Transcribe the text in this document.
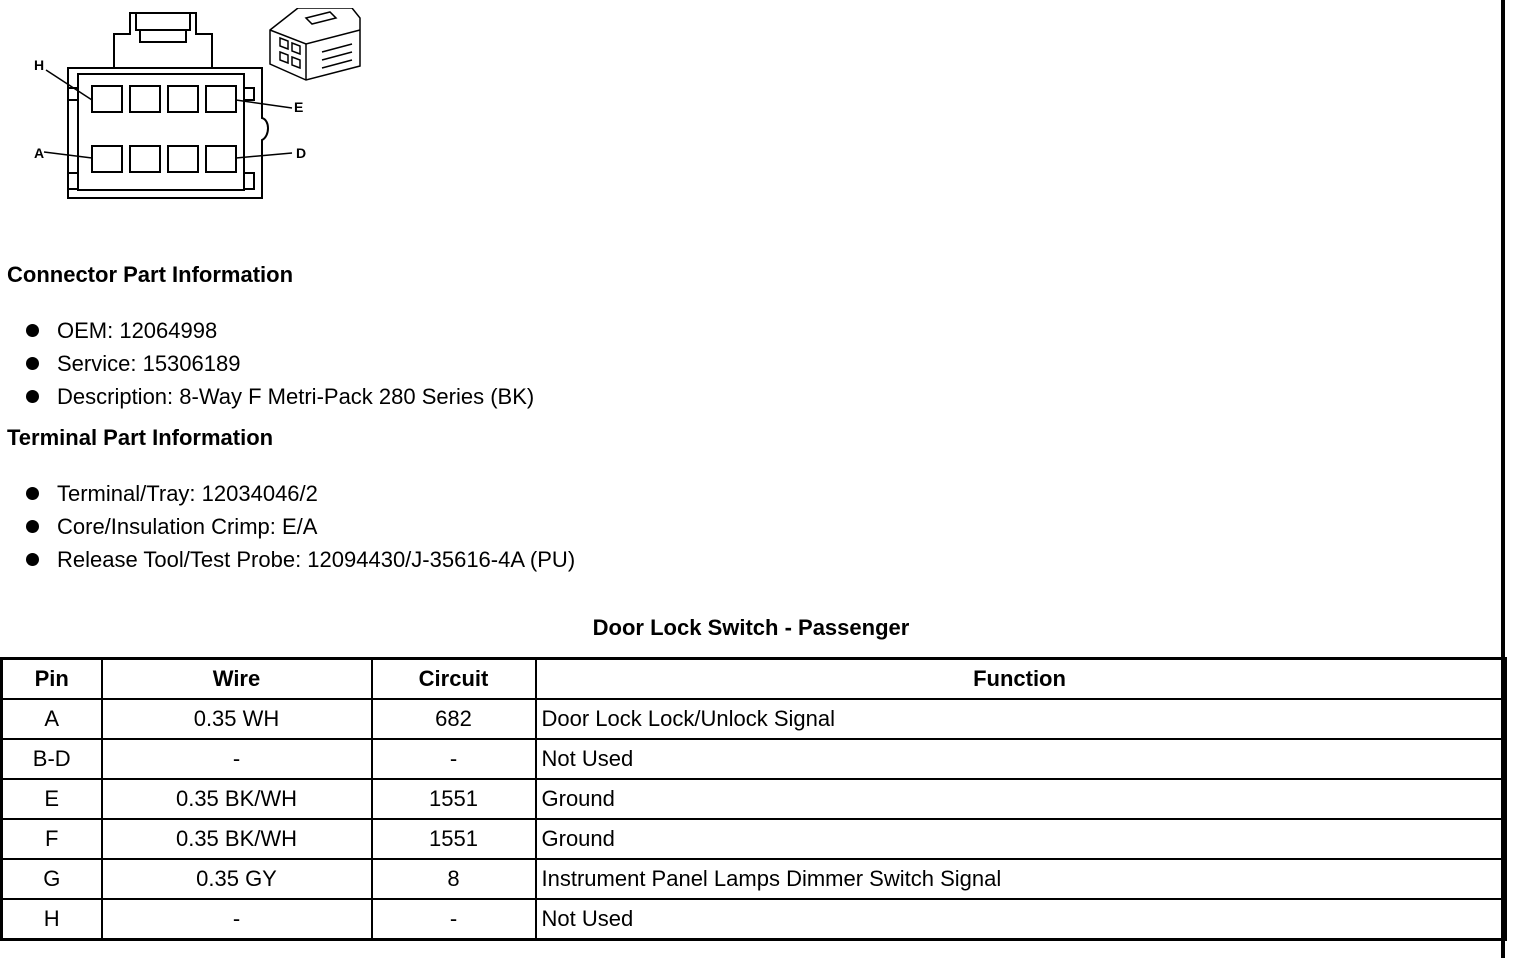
H
E
A	D
Connector Part Information
OEM: 12064998
Service: 15306189
Description: 8-Way F Metri-Pack 280 Series (BK)
Terminal Part Information
Terminal/Tray: 12034046/2
Core/Insulation Crimp: E/A
Release Tool/Test Probe: 12094430/J-35616-4A (PU)
Door Lock Switch - Passenger
Pin	Wire	Circuit	Function
A	0.35 WH	682	Door Lock Lock/Unlock Signal
B-D	-	-	Not Used
E	0.35 BK/WH	1551	Ground
F	0.35 BK/WH	1551	Ground
G	0.35 GY	8	Instrument Panel Lamps Dimmer Switch Signal
H	-	-	Not Used
